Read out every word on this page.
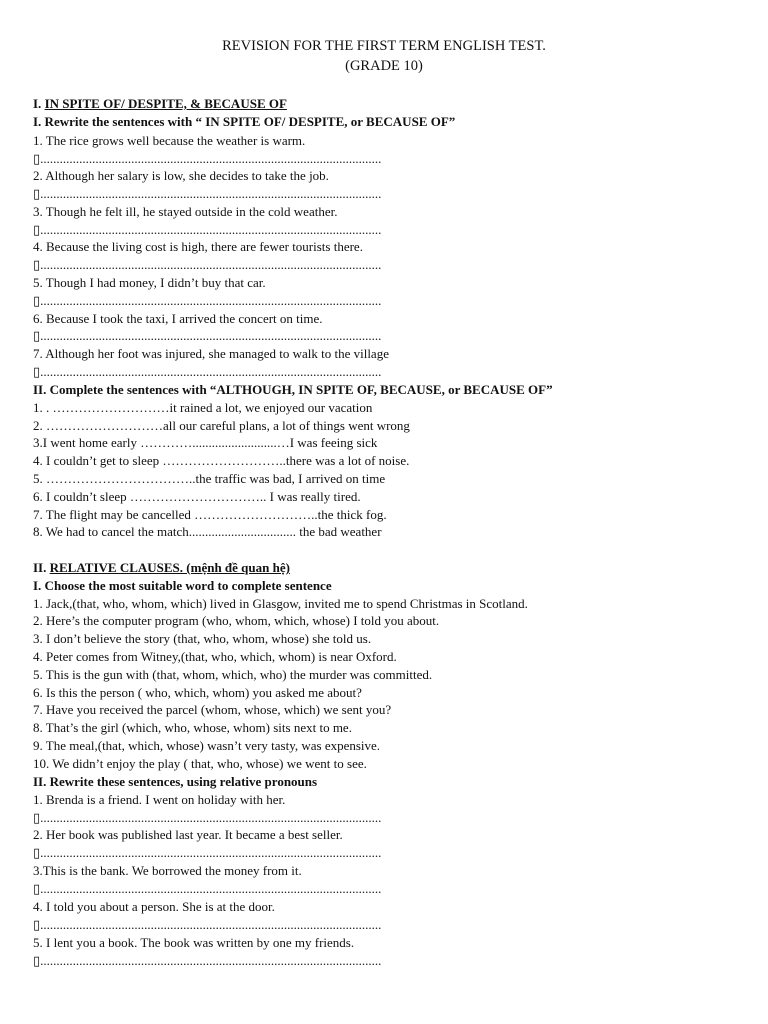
REVISION FOR THE FIRST TERM ENGLISH TEST.
(GRADE 10)
I. IN SPITE OF/ DESPITE, & BECAUSE OF
I. Rewrite the sentences with “ IN SPITE OF/ DESPITE, or BECAUSE OF”
1. The rice grows well because the weather is warm.
▯.........................................................................................................
2. Although her salary is low, she decides to take the job.
▯.........................................................................................................
3. Though he felt ill, he stayed outside in the cold weather.
▯.........................................................................................................
4. Because the living cost is high, there are fewer tourists there.
▯.........................................................................................................
5. Though I had money, I didn’t buy that car.
▯.........................................................................................................
6. Because I took the taxi, I arrived the concert on time.
▯.........................................................................................................
7. Although her foot was injured, she managed to walk to the village
▯.........................................................................................................
II. Complete the sentences with “ALTHOUGH, IN SPITE OF, BECAUSE, or BECAUSE OF”
1. . ………………………it rained a lot, we enjoyed our vacation
2. ………………………all our careful plans, a lot of things went wrong
3.I went home early …………..........................…I was feeing sick
4. I couldn’t get to sleep ………………………..there was a lot of noise.
5. ……………………………..the traffic was bad, I arrived on time
6. I couldn’t sleep ………………………….. I was really tired.
7. The flight may be cancelled ………………………..the thick fog.
8. We had to cancel the match................................. the bad weather
II. RELATIVE CLAUSES. (mệnh đề quan hệ)
I. Choose the most suitable word to complete sentence
1. Jack,(that, who, whom, which) lived in Glasgow, invited me to spend Christmas in Scotland.
2. Here’s the computer program (who, whom, which, whose) I told you about.
3. I don’t believe the story (that, who, whom, whose) she told us.
4. Peter comes from Witney,(that, who, which, whom) is near Oxford.
5. This is the gun with (that, whom, which, who) the murder was committed.
6. Is this the person ( who, which, whom) you asked me about?
7. Have you received the parcel (whom, whose, which) we sent you?
8. That’s the girl (which, who, whose, whom) sits next to me.
9. The meal,(that, which, whose) wasn’t very tasty, was expensive.
10. We didn’t enjoy the play ( that, who, whose) we went to see.
II. Rewrite these sentences, using relative pronouns
1. Brenda is a friend. I went on holiday with her.
▯.........................................................................................................
2. Her book was published last year. It became a best seller.
▯.........................................................................................................
3.This is the bank. We borrowed the money from it.
▯.........................................................................................................
4. I told you about a person. She is at the door.
▯.........................................................................................................
5. I lent you a book. The book was written by one my friends.
▯.........................................................................................................
